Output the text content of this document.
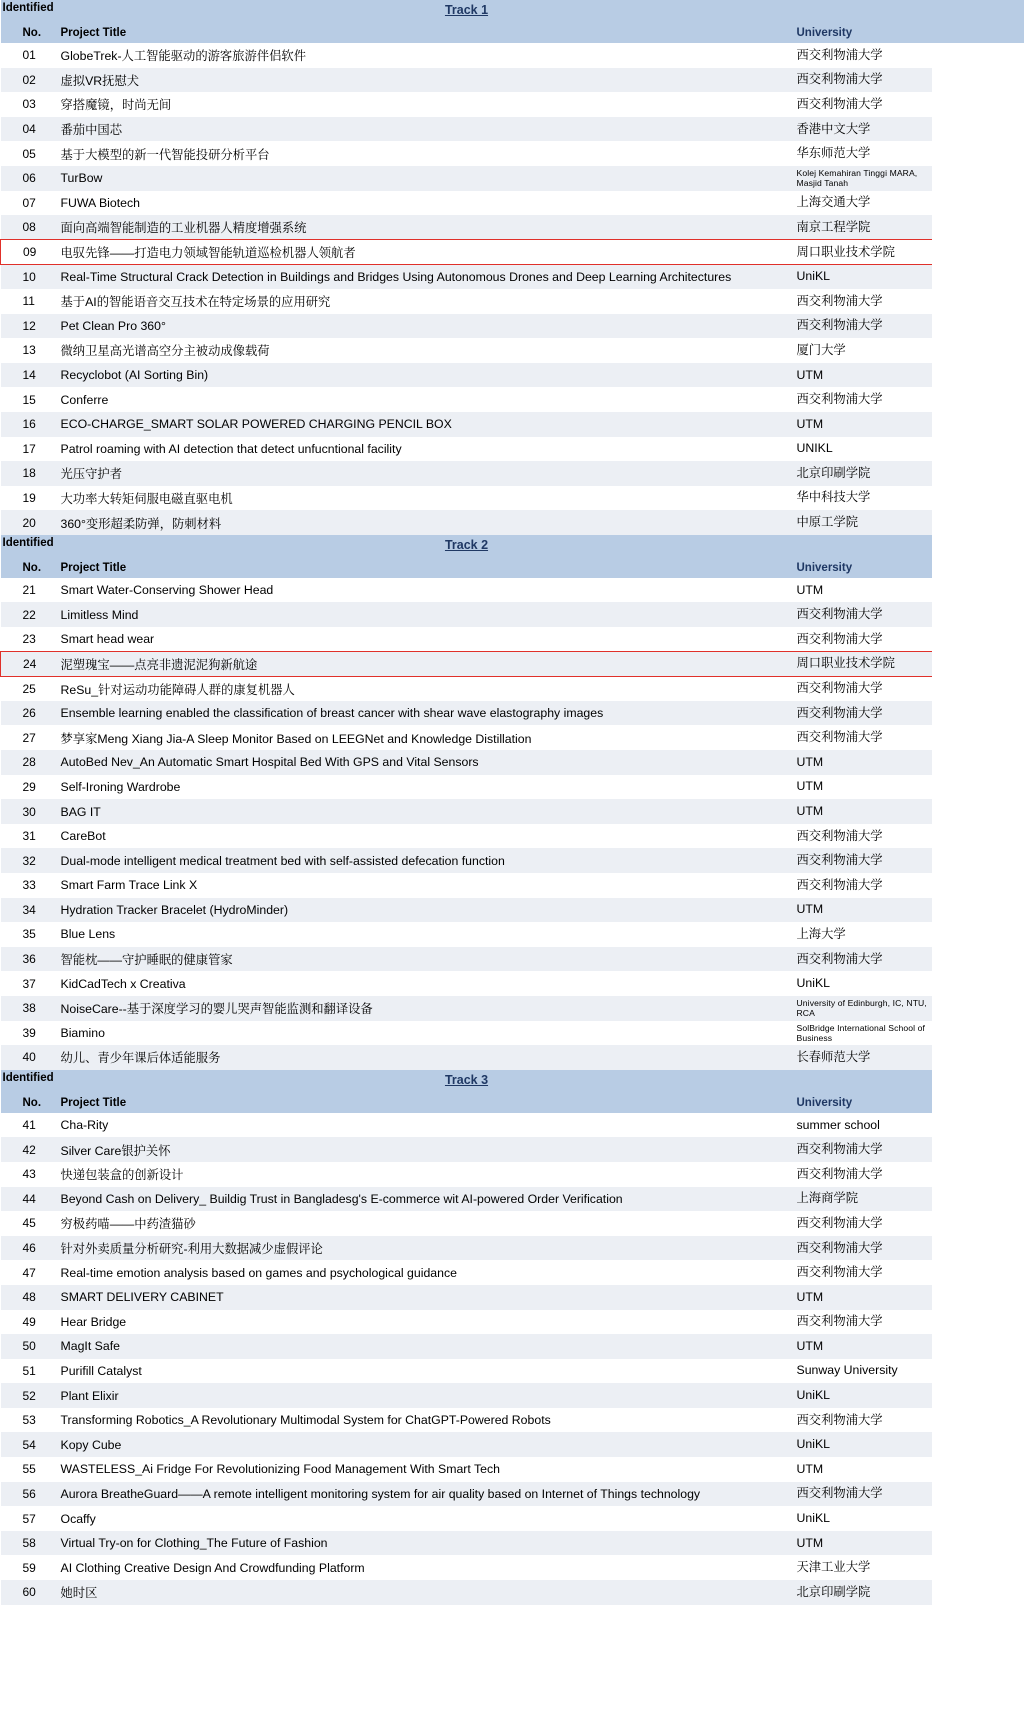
Identified Track 1		

No.	Project Title	University
01	GlobeTrek-人工智能驱动的游客旅游伴侣软件	西交利物浦大学
02	虚拟VR抚慰犬	西交利物浦大学
03	穿搭魔镜，时尚无间	西交利物浦大学
04	番茄中国芯	香港中文大学
05	基于大模型的新一代智能投研分析平台	华东师范大学
06	TurBow	Kolej Kemahiran Tinggi MARA, Masjid Tanah
07	FUWA Biotech	上海交通大学
08	面向高端智能制造的工业机器人精度增强系统	南京工程学院
09	电驭先锋——打造电力领域智能轨道巡检机器人领航者	周口职业技术学院
10	Real-Time Structural Crack Detection in Buildings and Bridges Using Autonomous Drones and Deep Learning Architectures	UniKL
11	基于AI的智能语音交互技术在特定场景的应用研究	西交利物浦大学
12	Pet Clean Pro 360°	西交利物浦大学
13	微纳卫星高光谱高空分主被动成像载荷	厦门大学
14	Recyclobot (AI Sorting Bin)	UTM
15	Conferre	西交利物浦大学
16	ECO-CHARGE_SMART SOLAR POWERED CHARGING PENCIL BOX	UTM
17	Patrol roaming with AI detection that detect unfucntional facility	UNIKL
18	光压守护者	北京印刷学院
19	大功率大转矩伺服电磁直驱电机	华中科技大学
20	360°变形超柔防弹，防刺材料	中原工学院

Identified Track 2		

No.	Project Title	University
21	Smart Water-Conserving Shower Head	UTM
22	Limitless Mind	西交利物浦大学
23	Smart head wear	西交利物浦大学
24	泥塑瑰宝——点亮非遗泥泥狗新航途	周口职业技术学院
25	ReSu_针对运动功能障碍人群的康复机器人	西交利物浦大学
26	Ensemble learning enabled the classification of breast cancer with shear wave elastography images	西交利物浦大学
27	梦享家Meng Xiang Jia-A Sleep Monitor Based on LEEGNet and Knowledge Distillation	西交利物浦大学
28	AutoBed Nev_An Automatic Smart Hospital Bed With GPS and Vital Sensors	UTM
29	Self-Ironing Wardrobe	UTM
30	BAG IT	UTM
31	CareBot	西交利物浦大学
32	Dual-mode intelligent medical treatment bed with self-assisted defecation function	西交利物浦大学
33	Smart Farm Trace Link X	西交利物浦大学
34	Hydration Tracker Bracelet (HydroMinder)	UTM
35	Blue Lens	上海大学
36	智能枕——守护睡眠的健康管家	西交利物浦大学
37	KidCadTech x Creativa	UniKL
38	NoiseCare--基于深度学习的婴儿哭声智能监测和翻译设备	University of Edinburgh, IC, NTU, RCA
39	Biamino	SolBridge International School of Business
40	幼儿、青少年课后体适能服务	长春师范大学

Identified Track 3		

No.	Project Title	University
41	Cha-Rity	summer school
42	Silver Care银护关怀	西交利物浦大学
43	快递包装盒的创新设计	西交利物浦大学
44	Beyond Cash on Delivery_ Buildig Trust in Bangladesg's E-commerce wit AI-powered Order Verification	上海商学院
45	穷极药喵——中药渣猫砂	西交利物浦大学
46	针对外卖质量分析研究-利用大数据减少虚假评论	西交利物浦大学
47	Real-time emotion analysis based on games and psychological guidance	西交利物浦大学
48	SMART DELIVERY CABINET	UTM
49	Hear Bridge	西交利物浦大学
50	MagIt Safe	UTM
51	Purifill Catalyst	Sunway University
52	Plant Elixir	UniKL
53	Transforming Robotics_A Revolutionary Multimodal System for ChatGPT-Powered Robots	西交利物浦大学
54	Kopy Cube	UniKL
55	WASTELESS_Ai Fridge For Revolutionizing Food Management With Smart Tech	UTM
56	Aurora BreatheGuard——A remote intelligent monitoring system for air quality based on Internet of Things technology	西交利物浦大学
57	Ocaffy	UniKL
58	Virtual Try-on for Clothing_The Future of Fashion	UTM
59	AI Clothing Creative Design And Crowdfunding Platform	天津工业大学
60	她时区	北京印刷学院
